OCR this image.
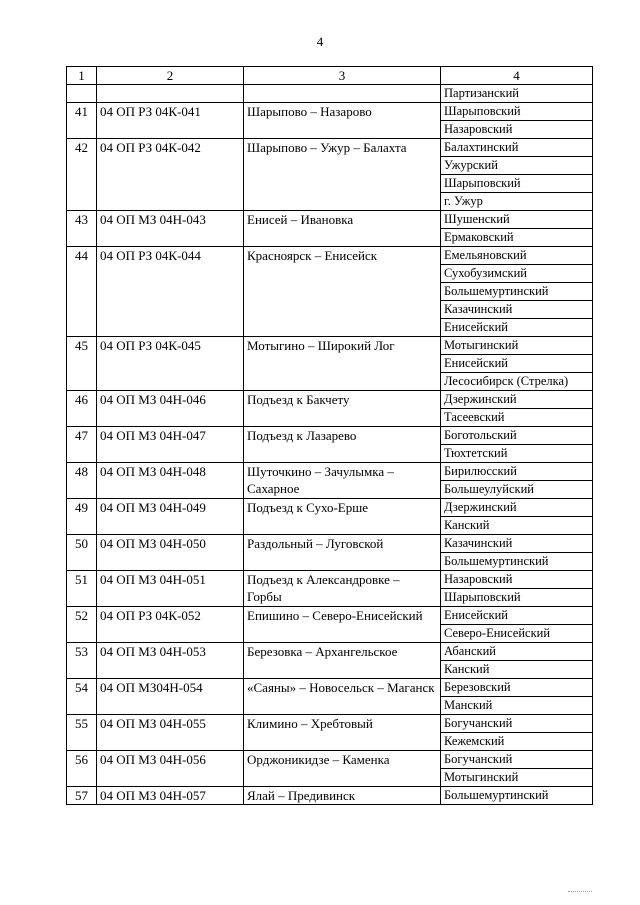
4
1	2	3	4
			Партизанский
41	04 ОП РЗ 04К-041	Шарыпово – Назарово	Шарыповский
			Назаровский
42	04 ОП РЗ 04К-042	Шарыпово – Ужур – Балахта	Балахтинский
			Ужурский
			Шарыповский
			г. Ужур
43	04 ОП МЗ 04Н-043	Енисей – Ивановка	Шушенский
			Ермаковский
44	04 ОП РЗ 04К-044	Красноярск – Енисейск	Емельяновский
			Сухобузимский
			Большемуртинский
			Казачинский
			Енисейский
45	04 ОП РЗ 04К-045	Мотыгино – Широкий Лог	Мотыгинский
			Енисейский
			Лесосибирск (Стрелка)
46	04 ОП МЗ 04Н-046	Подъезд к Бакчету	Дзержинский
			Тасеевский
47	04 ОП МЗ 04Н-047	Подъезд к Лазарево	Боготольский
			Тюхтетский
48	04 ОП МЗ 04Н-048	Шуточкино – Зачулымка – Сахарное	Бирилюсский
			Большеулуйский
49	04 ОП МЗ 04Н-049	Подъезд к Сухо-Ерше	Дзержинский
			Канский
50	04 ОП МЗ 04Н-050	Раздольный – Луговской	Казачинский
			Большемуртинский
51	04 ОП МЗ 04Н-051	Подъезд к Александровке – Горбы	Назаровский
			Шарыповский
52	04 ОП РЗ 04К-052	Епишино – Северо-Енисейский	Енисейский
			Северо-Енисейский
53	04 ОП МЗ 04Н-053	Березовка – Архангельское	Абанский
			Канский
54	04 ОП МЗ04Н-054	«Саяны» – Новосельск – Маганск	Березовский
			Манский
55	04 ОП МЗ 04Н-055	Климино – Хребтовый	Богучанский
			Кежемский
56	04 ОП МЗ 04Н-056	Орджоникидзе – Каменка	Богучанский
			Мотыгинский
57	04 ОП МЗ 04Н-057	Ялай – Предивинск	Большемуртинский
